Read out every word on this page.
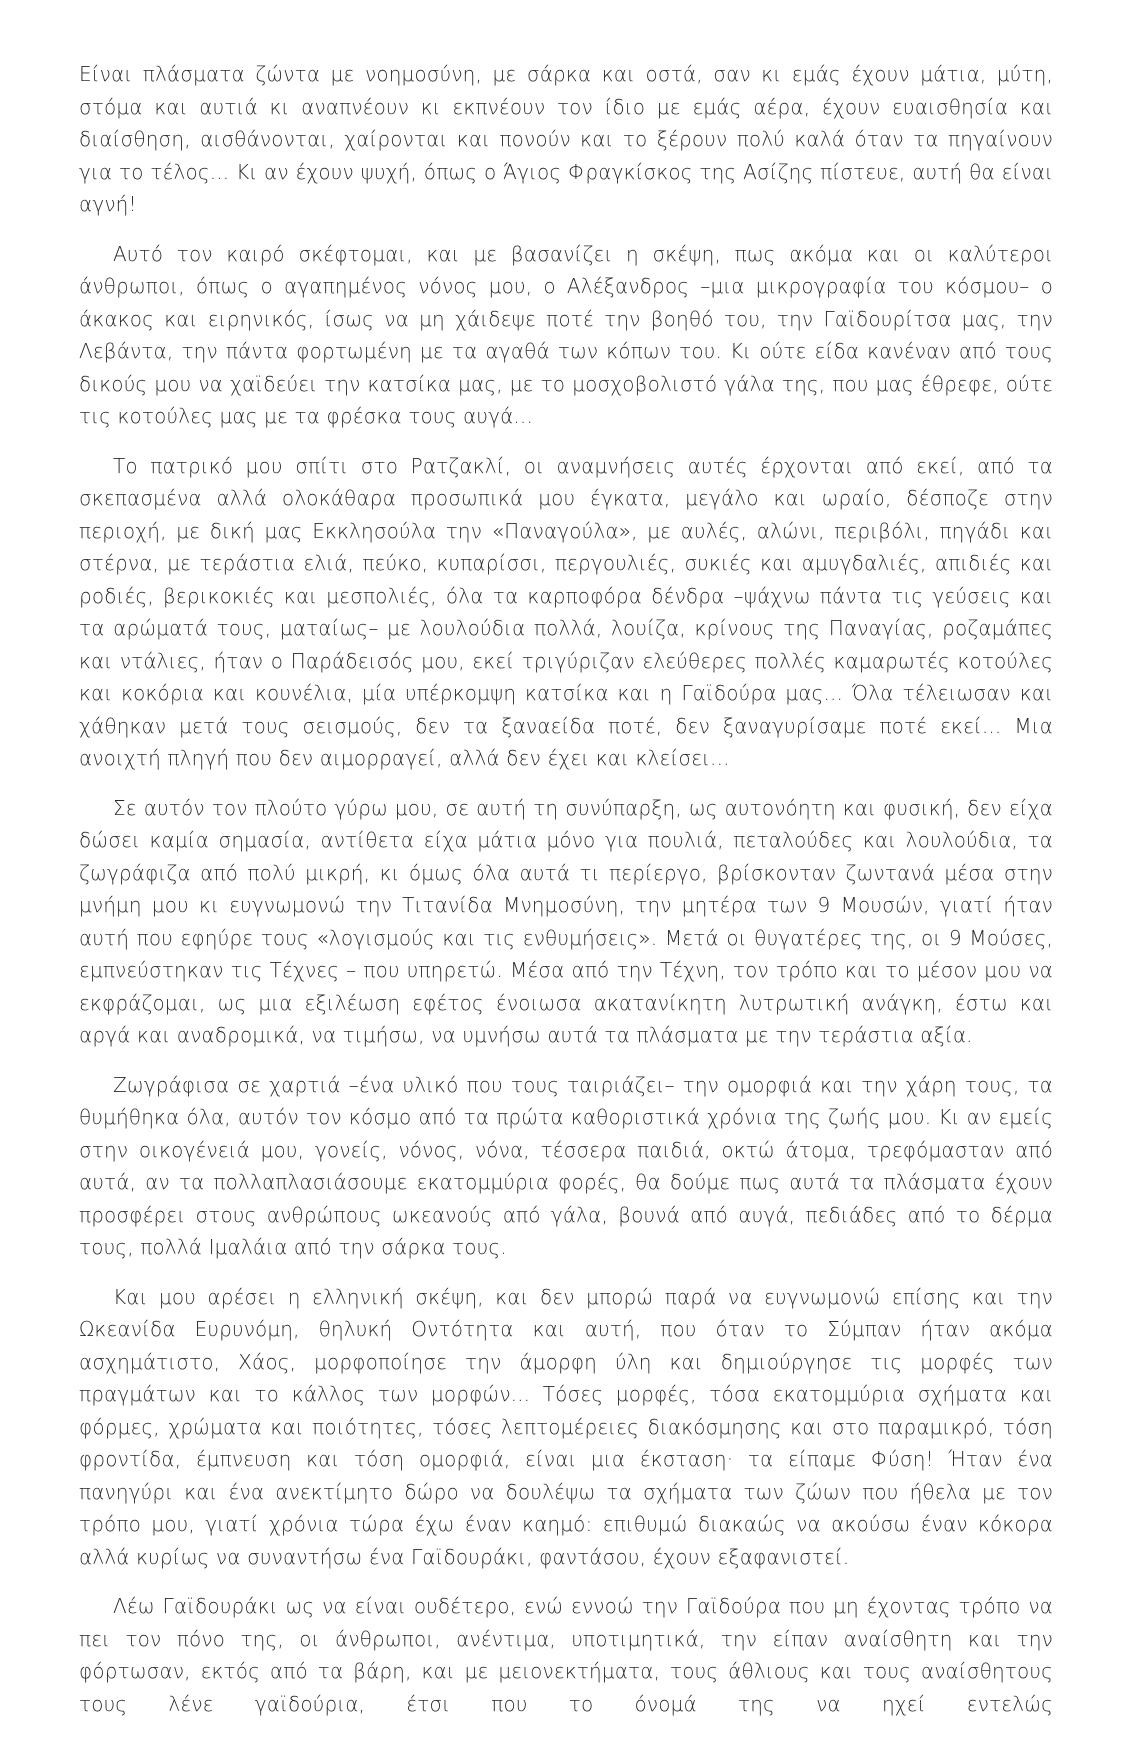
Είναι πλάσματα ζώντα με νοημοσύνη, με σάρκα και οστά, σαν κι εμάς έχουν μάτια, μύτη, στόμα και αυτιά κι αναπνέουν κι εκπνέουν τον ίδιο με εμάς αέρα, έχουν ευαισθησία και διαίσθηση, αισθάνονται, χαίρονται και πονούν και το ξέρουν πολύ καλά όταν τα πηγαίνουν για το τέλος... Κι αν έχουν ψυχή, όπως ο Άγιος Φραγκίσκος της Ασίζης πίστευε, αυτή θα είναι αγνή!

Αυτό τον καιρό σκέφτομαι, και με βασανίζει η σκέψη, πως ακόμα και οι καλύτεροι άνθρωποι, όπως ο αγαπημένος νόνος μου, ο Αλέξανδρος –μια μικρογραφία του κόσμου– ο άκακος και ειρηνικός, ίσως να μη χάιδεψε ποτέ την βοηθό του, την Γαϊδουρίτσα μας, την Λεβάντα, την πάντα φορτωμένη με τα αγαθά των κόπων του. Κι ούτε είδα κανέναν από τους δικούς μου να χαϊδεύει την κατσίκα μας, με το μοσχοβολιστό γάλα της, που μας έθρεφε, ούτε τις κοτούλες μας με τα φρέσκα τους αυγά...

Το πατρικό μου σπίτι στο Ρατζακλί, οι αναμνήσεις αυτές έρχονται από εκεί, από τα σκεπασμένα αλλά ολοκάθαρα προσωπικά μου έγκατα, μεγάλο και ωραίο, δέσποζε στην περιοχή, με δική μας Εκκλησούλα την «Παναγούλα», με αυλές, αλώνι, περιβόλι, πηγάδι και στέρνα, με τεράστια ελιά, πεύκο, κυπαρίσσι, περγουλιές, συκιές και αμυγδαλιές, απιδιές και ροδιές, βερικοκιές και μεσπολιές, όλα τα καρποφόρα δένδρα –ψάχνω πάντα τις γεύσεις και τα αρώματά τους, ματαίως– με λουλούδια πολλά, λουίζα, κρίνους της Παναγίας, ροζαμάπες και ντάλιες, ήταν ο Παράδεισός μου, εκεί τριγύριζαν ελεύθερες πολλές καμαρωτές κοτούλες και κοκόρια και κουνέλια, μία υπέρκομψη κατσίκα και η Γαϊδούρα μας... Όλα τέλειωσαν και χάθηκαν μετά τους σεισμούς, δεν τα ξαναείδα ποτέ, δεν ξαναγυρίσαμε ποτέ εκεί... Μια ανοιχτή πληγή που δεν αιμορραγεί, αλλά δεν έχει και κλείσει...

Σε αυτόν τον πλούτο γύρω μου, σε αυτή τη συνύπαρξη, ως αυτονόητη και φυσική, δεν είχα δώσει καμία σημασία, αντίθετα είχα μάτια μόνο για πουλιά, πεταλούδες και λουλούδια, τα ζωγράφιζα από πολύ μικρή, κι όμως όλα αυτά τι περίεργο, βρίσκονταν ζωντανά μέσα στην μνήμη μου κι ευγνωμονώ την Τιτανίδα Μνημοσύνη, την μητέρα των 9 Μουσών, γιατί ήταν αυτή που εφηύρε τους «λογισμούς και τις ενθυμήσεις». Μετά οι θυγατέρες της, οι 9 Μούσες, εμπνεύστηκαν τις Τέχνες – που υπηρετώ. Μέσα από την Τέχνη, τον τρόπο και το μέσον μου να εκφράζομαι, ως μια εξιλέωση εφέτος ένοιωσα ακατανίκητη λυτρωτική ανάγκη, έστω και αργά και αναδρομικά, να τιμήσω, να υμνήσω αυτά τα πλάσματα με την τεράστια αξία.

Ζωγράφισα σε χαρτιά –ένα υλικό που τους ταιριάζει– την ομορφιά και την χάρη τους, τα θυμήθηκα όλα, αυτόν τον κόσμο από τα πρώτα καθοριστικά χρόνια της ζωής μου. Κι αν εμείς στην οικογένειά μου, γονείς, νόνος, νόνα, τέσσερα παιδιά, οκτώ άτομα, τρεφόμασταν από αυτά, αν τα πολλαπλασιάσουμε εκατομμύρια φορές, θα δούμε πως αυτά τα πλάσματα έχουν προσφέρει στους ανθρώπους ωκεανούς από γάλα, βουνά από αυγά, πεδιάδες από το δέρμα τους, πολλά Ιμαλάια από την σάρκα τους.

Και μου αρέσει η ελληνική σκέψη, και δεν μπορώ παρά να ευγνωμονώ επίσης και την Ωκεανίδα Ευρυνόμη, θηλυκή Οντότητα και αυτή, που όταν το Σύμπαν ήταν ακόμα ασχημάτιστο, Χάος, μορφοποίησε την άμορφη ύλη και δημιούργησε τις μορφές των πραγμάτων και το κάλλος των μορφών... Τόσες μορφές, τόσα εκατομμύρια σχήματα και φόρμες, χρώματα και ποιότητες, τόσες λεπτομέρειες διακόσμησης και στο παραμικρό, τόση φροντίδα, έμπνευση και τόση ομορφιά, είναι μια έκσταση· τα είπαμε Φύση! Ήταν ένα πανηγύρι και ένα ανεκτίμητο δώρο να δουλέψω τα σχήματα των ζώων που ήθελα με τον τρόπο μου, γιατί χρόνια τώρα έχω έναν καημό: επιθυμώ διακαώς να ακούσω έναν κόκορα αλλά κυρίως να συναντήσω ένα Γαϊδουράκι, φαντάσου, έχουν εξαφανιστεί.

Λέω Γαϊδουράκι ως να είναι ουδέτερο, ενώ εννοώ την Γαϊδούρα που μη έχοντας τρόπο να πει τον πόνο της, οι άνθρωποι, ανέντιμα, υποτιμητικά, την είπαν αναίσθητη και την φόρτωσαν, εκτός από τα βάρη, και με μειονεκτήματα, τους άθλιους και τους αναίσθητους τους λένε γαϊδούρια, έτσι που το όνομά της να ηχεί εντελώς
